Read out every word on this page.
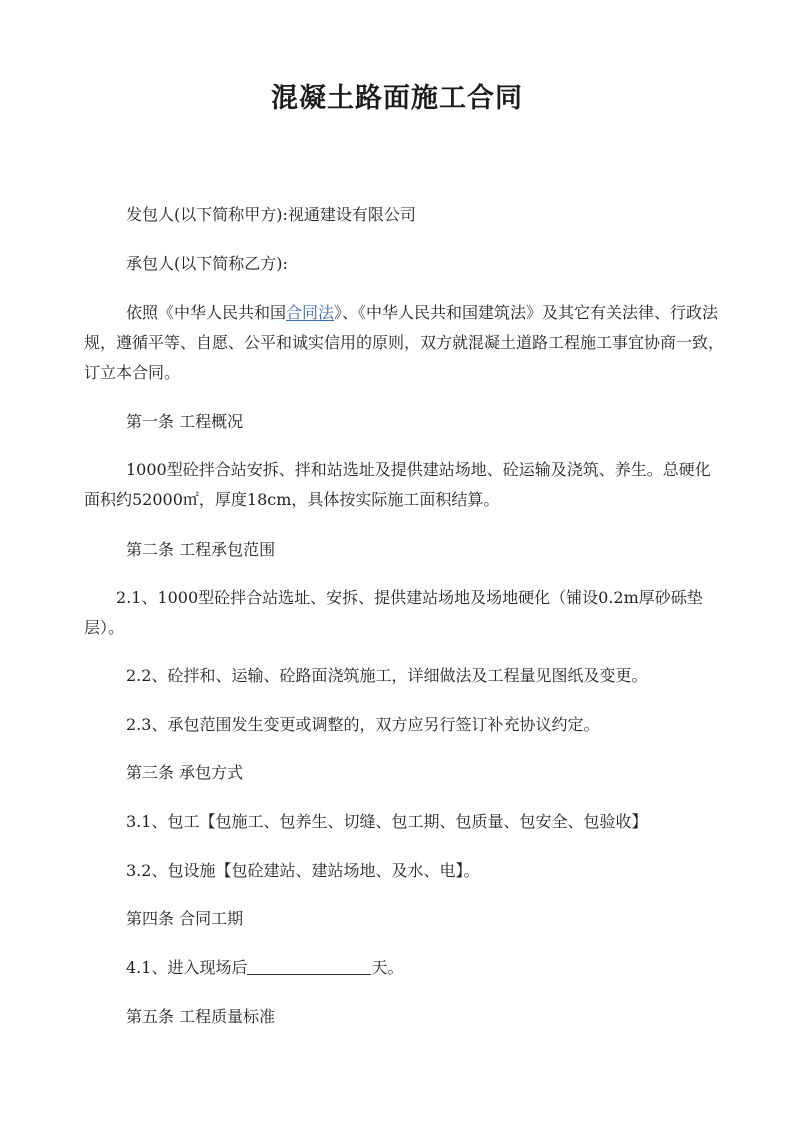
混凝土路面施工合同

发包人(以下简称甲方):视通建设有限公司

承包人(以下简称乙方):

依照《中华人民共和国合同法》、《中华人民共和国建筑法》及其它有关法律、行政法规，遵循平等、自愿、公平和诚实信用的原则，双方就混凝土道路工程施工事宜协商一致，订立本合同。

第一条 工程概况

1000型砼拌合站安拆、拌和站选址及提供建站场地、砼运输及浇筑、养生。总硬化面积约52000㎡，厚度18cm，具体按实际施工面积结算。

第二条 工程承包范围

2.1、1000型砼拌合站选址、安拆、提供建站场地及场地硬化（铺设0.2m厚砂砾垫层）。

2.2、砼拌和、运输、砼路面浇筑施工，详细做法及工程量见图纸及变更。

2.3、承包范围发生变更或调整的，双方应另行签订补充协议约定。

第三条 承包方式

3.1、包工【包施工、包养生、切缝、包工期、包质量、包安全、包验收】

3.2、包设施【包砼建站、建站场地、及水、电】。

第四条 合同工期

4.1、进入现场后	天。

第五条 工程质量标准
